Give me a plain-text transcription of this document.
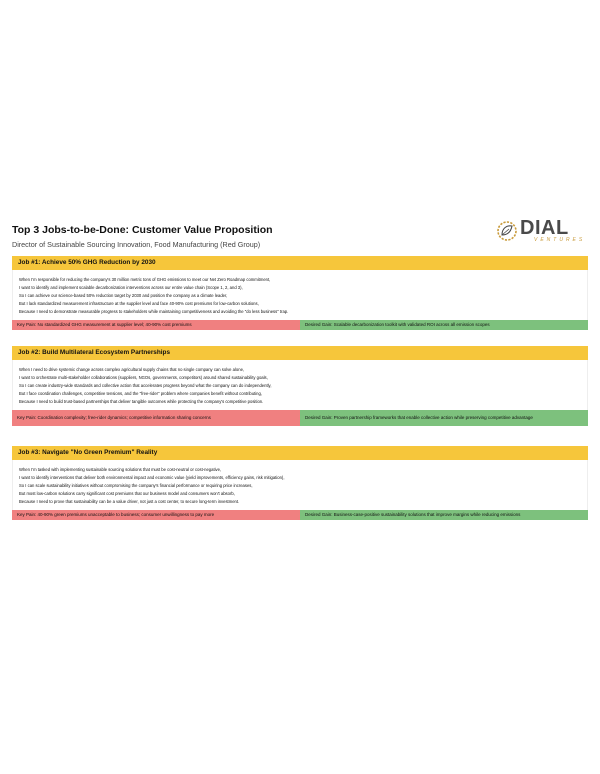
Top 3 Jobs-to-be-Done: Customer Value Proposition
Director of Sustainable Sourcing Innovation, Food Manufacturing (Red Group)
DIAL
VENTURES
Job #1: Achieve 50% GHG Reduction by 2030
When I'm responsible for reducing the company's 30 million metric tons of GHG emissions to meet our Net Zero Roadmap commitment,
I want to identify and implement scalable decarbonization interventions across our entire value chain (Scope 1, 2, and 3),
So I can achieve our science-based 50% reduction target by 2030 and position the company as a climate leader,
But I lack standardized measurement infrastructure at the supplier level and face 40-90% cost premiums for low-carbon solutions,
Because I need to demonstrate measurable progress to stakeholders while maintaining competitiveness and avoiding the "do less business" trap.
Key Pain: No standardized GHG measurement at supplier level; 40-90% cost premiums	Desired Gain: Scalable decarbonization toolkit with validated ROI across all emission scopes
Job #2: Build Multilateral Ecosystem Partnerships
When I need to drive systemic change across complex agricultural supply chains that no single company can solve alone,
I want to orchestrate multi-stakeholder collaborations (suppliers, NGOs, governments, competitors) around shared sustainability goals,
So I can create industry-wide standards and collective action that accelerates progress beyond what the company can do independently,
But I face coordination challenges, competitive tensions, and the "free-rider" problem where companies benefit without contributing,
Because I need to build trust-based partnerships that deliver tangible outcomes while protecting the company's competitive position.
Key Pain: Coordination complexity; free-rider dynamics; competitive information sharing concerns	Desired Gain: Proven partnership frameworks that enable collective action while preserving competitive advantage
Job #3: Navigate "No Green Premium" Reality
When I'm tasked with implementing sustainable sourcing solutions that must be cost-neutral or cost-negative,
I want to identify interventions that deliver both environmental impact and economic value (yield improvements, efficiency gains, risk mitigation),
So I can scale sustainability initiatives without compromising the company's financial performance or requiring price increases,
But most low-carbon solutions carry significant cost premiums that our business model and consumers won't absorb,
Because I need to prove that sustainability can be a value driver, not just a cost center, to secure long-term investment.
Key Pain: 40-90% green premiums unacceptable to business; consumer unwillingness to pay more	Desired Gain: Business-case-positive sustainability solutions that improve margins while reducing emissions
